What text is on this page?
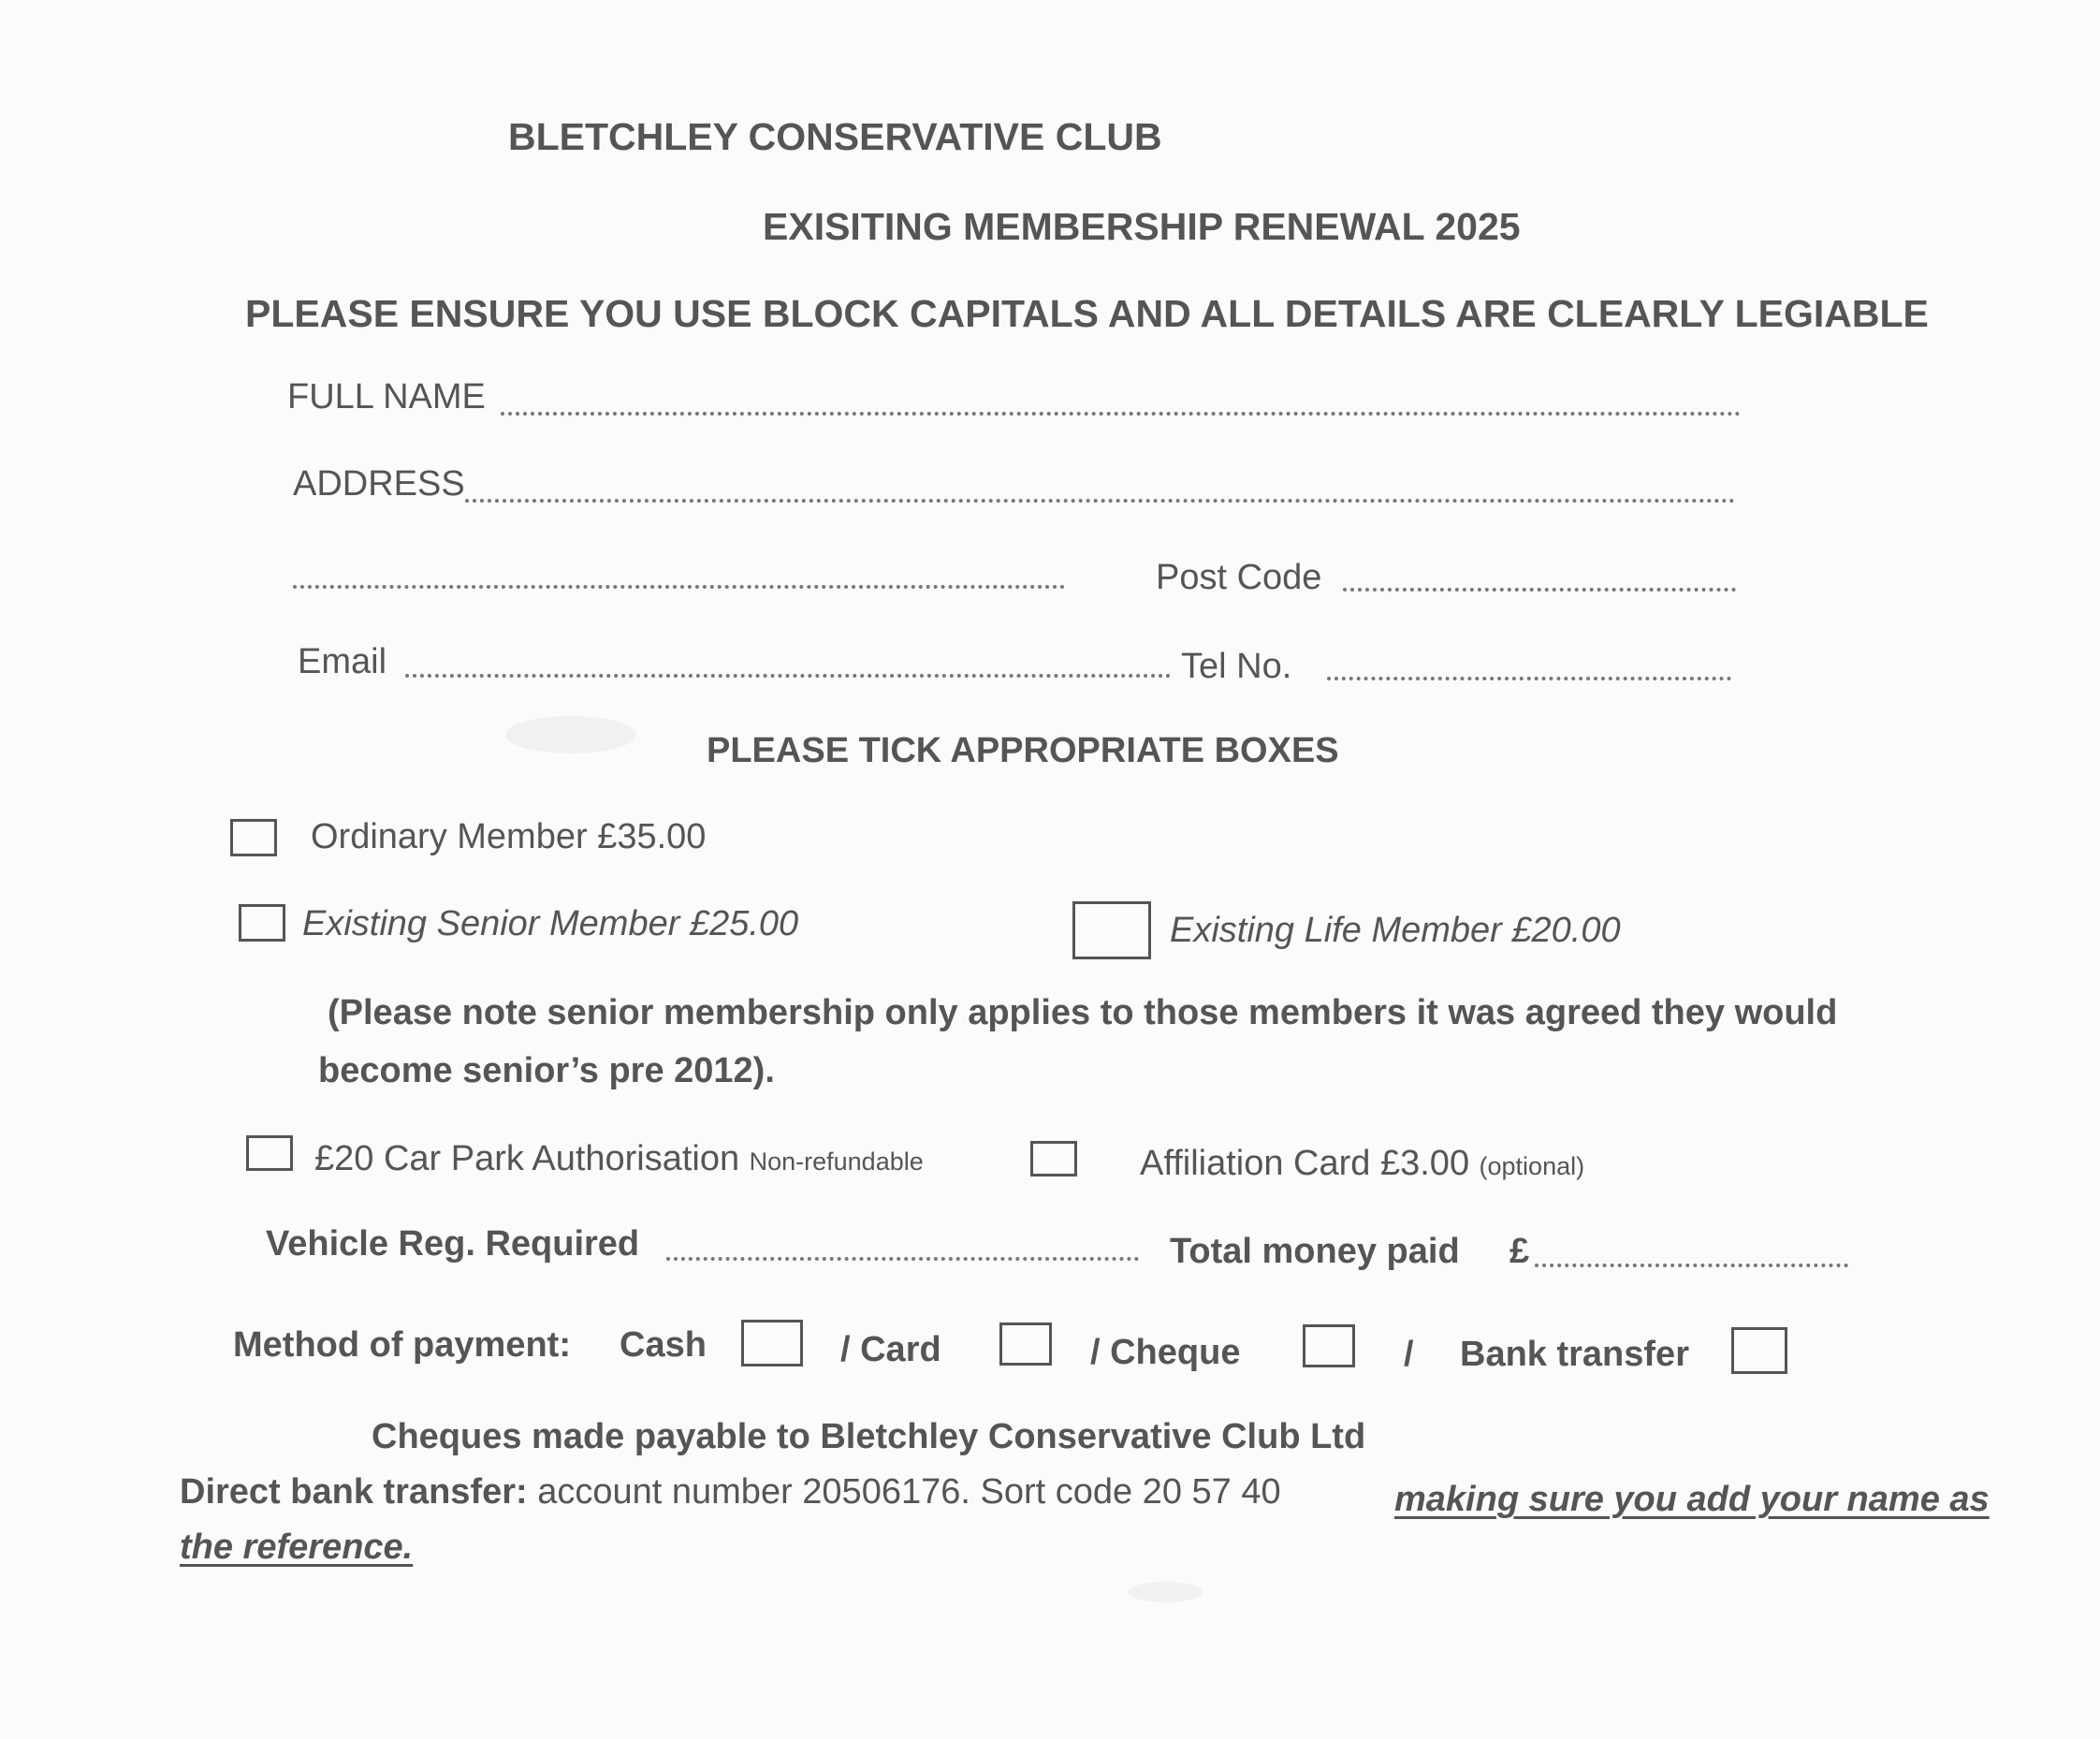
BLETCHLEY CONSERVATIVE CLUB
EXISITING MEMBERSHIP RENEWAL 2025
PLEASE ENSURE YOU USE BLOCK CAPITALS AND ALL DETAILS ARE CLEARLY LEGIABLE
FULL NAME
ADDRESS
Post Code
Email	Tel No.
PLEASE TICK APPROPRIATE BOXES
Ordinary Member £35.00
Existing Senior Member £25.00	Existing Life Member £20.00
(Please note senior membership only applies to those members it was agreed they would
become senior’s pre 2012).
£20 Car Park Authorisation Non-refundable	Affiliation Card £3.00 (optional)
Vehicle Reg. Required	Total money paid £
Method of payment: Cash	/ Card	/ Cheque	/ Bank transfer
Cheques made payable to Bletchley Conservative Club Ltd
Direct bank transfer: account number 20506176. Sort code 20 57 40	making sure you add your name as
the reference.
